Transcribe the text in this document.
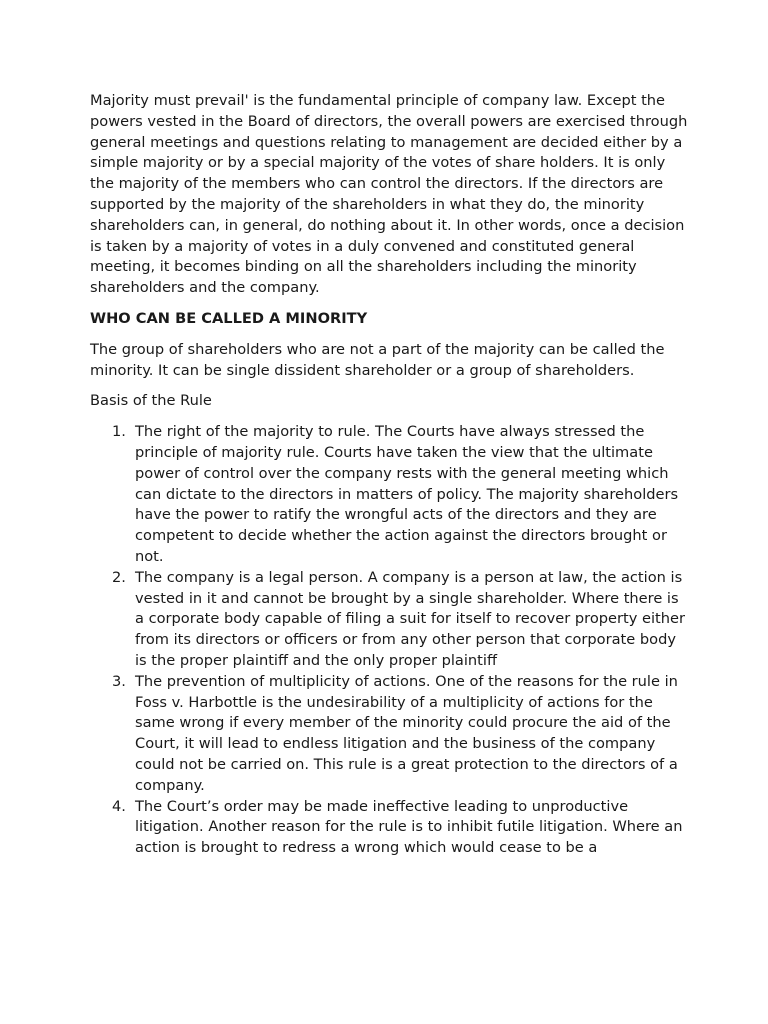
Majority must prevail' is the fundamental principle of company law. Except the powers vested in the Board of directors, the overall powers are exercised through general meetings and questions relating to management are decided either by a simple majority or by a special majority of the votes of share holders. It is only the majority of the members who can control the directors. If the directors are supported by the majority of the shareholders in what they do, the minority shareholders can, in general, do nothing about it. In other words, once a decision is taken by a majority of votes in a duly convened and constituted general meeting, it becomes binding on all the shareholders including the minority shareholders and the company.

WHO CAN BE CALLED A MINORITY

The group of shareholders who are not a part of the majority can be called the minority. It can be single dissident shareholder or a group of shareholders.

Basis of the Rule

1. The right of the majority to rule. The Courts have always stressed the principle of majority rule. Courts have taken the view that the ultimate power of control over the company rests with the general meeting which can dictate to the directors in matters of policy. The majority shareholders have the power to ratify the wrongful acts of the directors and they are competent to decide whether the action against the directors brought or not.
2. The company is a legal person. A company is a person at law, the action is vested in it and cannot be brought by a single shareholder. Where there is a corporate body capable of filing a suit for itself to recover property either from its directors or officers or from any other person that corporate body is the proper plaintiff and the only proper plaintiff
3. The prevention of multiplicity of actions. One of the reasons for the rule in Foss v. Harbottle is the undesirability of a multiplicity of actions for the same wrong if every member of the minority could procure the aid of the Court, it will lead to endless litigation and the business of the company could not be carried on. This rule is a great protection to the directors of a company.
4. The Court’s order may be made ineffective leading to unproductive litigation. Another reason for the rule is to inhibit futile litigation. Where an action is brought to redress a wrong which would cease to be a
